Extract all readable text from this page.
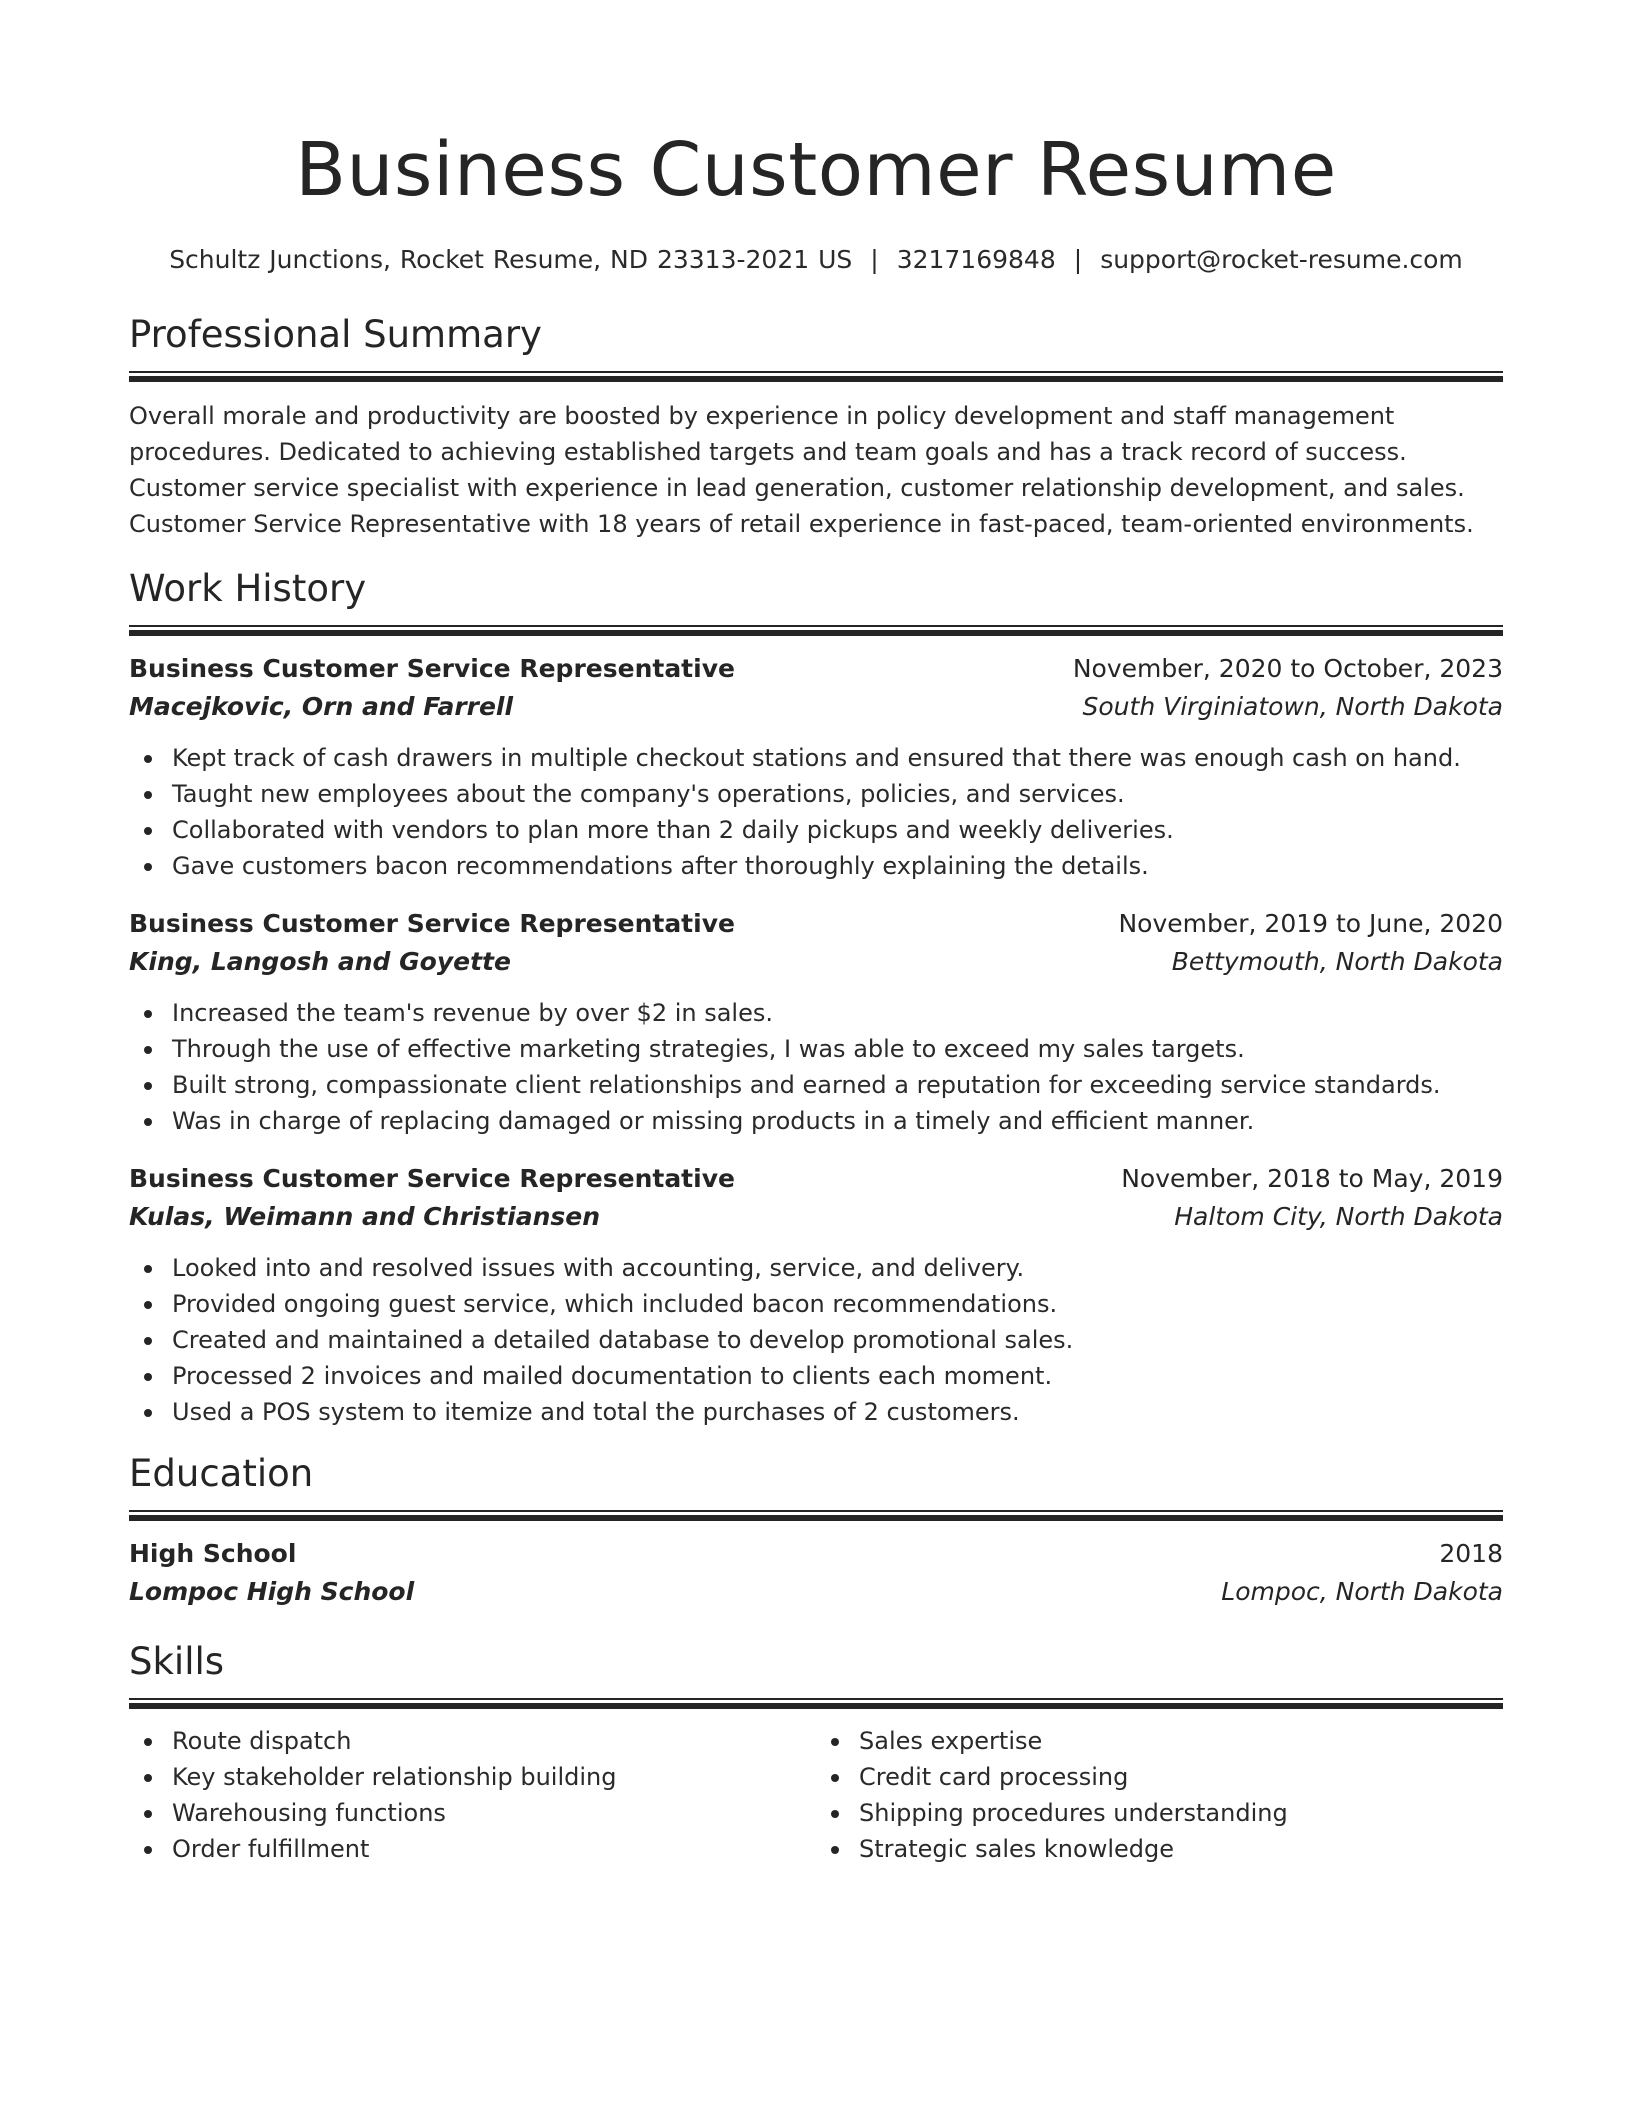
Business Customer Resume
Schultz Junctions, Rocket Resume, ND 23313-2021 US | 3217169848 | support@rocket-resume.com
Professional Summary

Overall morale and productivity are boosted by experience in policy development and staff management procedures. Dedicated to achieving established targets and team goals and has a track record of success. Customer service specialist with experience in lead generation, customer relationship development, and sales. Customer Service Representative with 18 years of retail experience in fast-paced, team-oriented environments.

Work History
Business Customer Service Representative	November, 2020 to October, 2023
Macejkovic, Orn and Farrell	South Virginiatown, North Dakota
Kept track of cash drawers in multiple checkout stations and ensured that there was enough cash on hand.
Taught new employees about the company's operations, policies, and services.
Collaborated with vendors to plan more than 2 daily pickups and weekly deliveries.
Gave customers bacon recommendations after thoroughly explaining the details.
Business Customer Service Representative	November, 2019 to June, 2020
King, Langosh and Goyette	Bettymouth, North Dakota
Increased the team's revenue by over $2 in sales.
Through the use of effective marketing strategies, I was able to exceed my sales targets.
Built strong, compassionate client relationships and earned a reputation for exceeding service standards.
Was in charge of replacing damaged or missing products in a timely and efficient manner.
Business Customer Service Representative	November, 2018 to May, 2019
Kulas, Weimann and Christiansen	Haltom City, North Dakota
Looked into and resolved issues with accounting, service, and delivery.
Provided ongoing guest service, which included bacon recommendations.
Created and maintained a detailed database to develop promotional sales.
Processed 2 invoices and mailed documentation to clients each moment.
Used a POS system to itemize and total the purchases of 2 customers.
Education
High School	2018
Lompoc High School	Lompoc, North Dakota
Skills
Route dispatch
Key stakeholder relationship building
Warehousing functions
Order fulfillment
Sales expertise
Credit card processing
Shipping procedures understanding
Strategic sales knowledge
